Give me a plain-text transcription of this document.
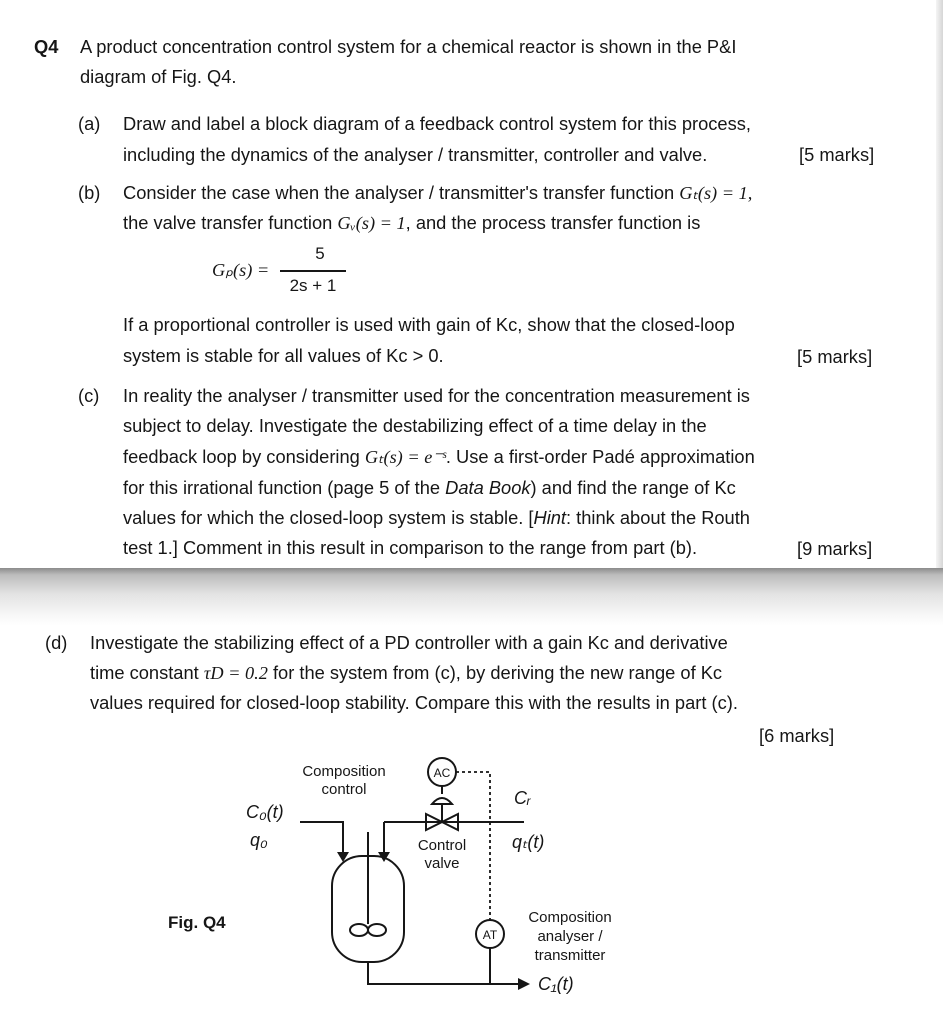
Q4 A product concentration control system for a chemical reactor is shown in the P&I
diagram of Fig. Q4.
(a) Draw and label a block diagram of a feedback control system for this process,
including the dynamics of the analyser / transmitter, controller and valve.	[5 marks]
(b) Consider the case when the analyser / transmitter's transfer function Gₜ(s) = 1,
the valve transfer function Gᵥ(s) = 1, and the process transfer function is
Gₚ(s) =
5
2s + 1
If a proportional controller is used with gain of Kc, show that the closed-loop
system is stable for all values of Kc > 0.	[5 marks]
(c) In reality the analyser / transmitter used for the concentration measurement is
subject to delay. Investigate the destabilizing effect of a time delay in the
feedback loop by considering Gₜ(s) = e⁻ˢ. Use a first-order Padé approximation
for this irrational function (page 5 of the Data Book) and find the range of Kc
values for which the closed-loop system is stable. [Hint: think about the Routh
test 1.] Comment in this result in comparison to the range from part (b).	[9 marks]
(d) Investigate the stabilizing effect of a PD controller with a gain Kc and derivative
time constant τD = 0.2 for the system from (c), by deriving the new range of Kc
values required for closed-loop stability. Compare this with the results in part (c).
[6 marks]
Composition
control
AC
AT
C₀(t)
q₀
Cᵣ
qₜ(t)
Control
valve
Fig. Q4	Composition
analyser /
transmitter
C₁(t)
